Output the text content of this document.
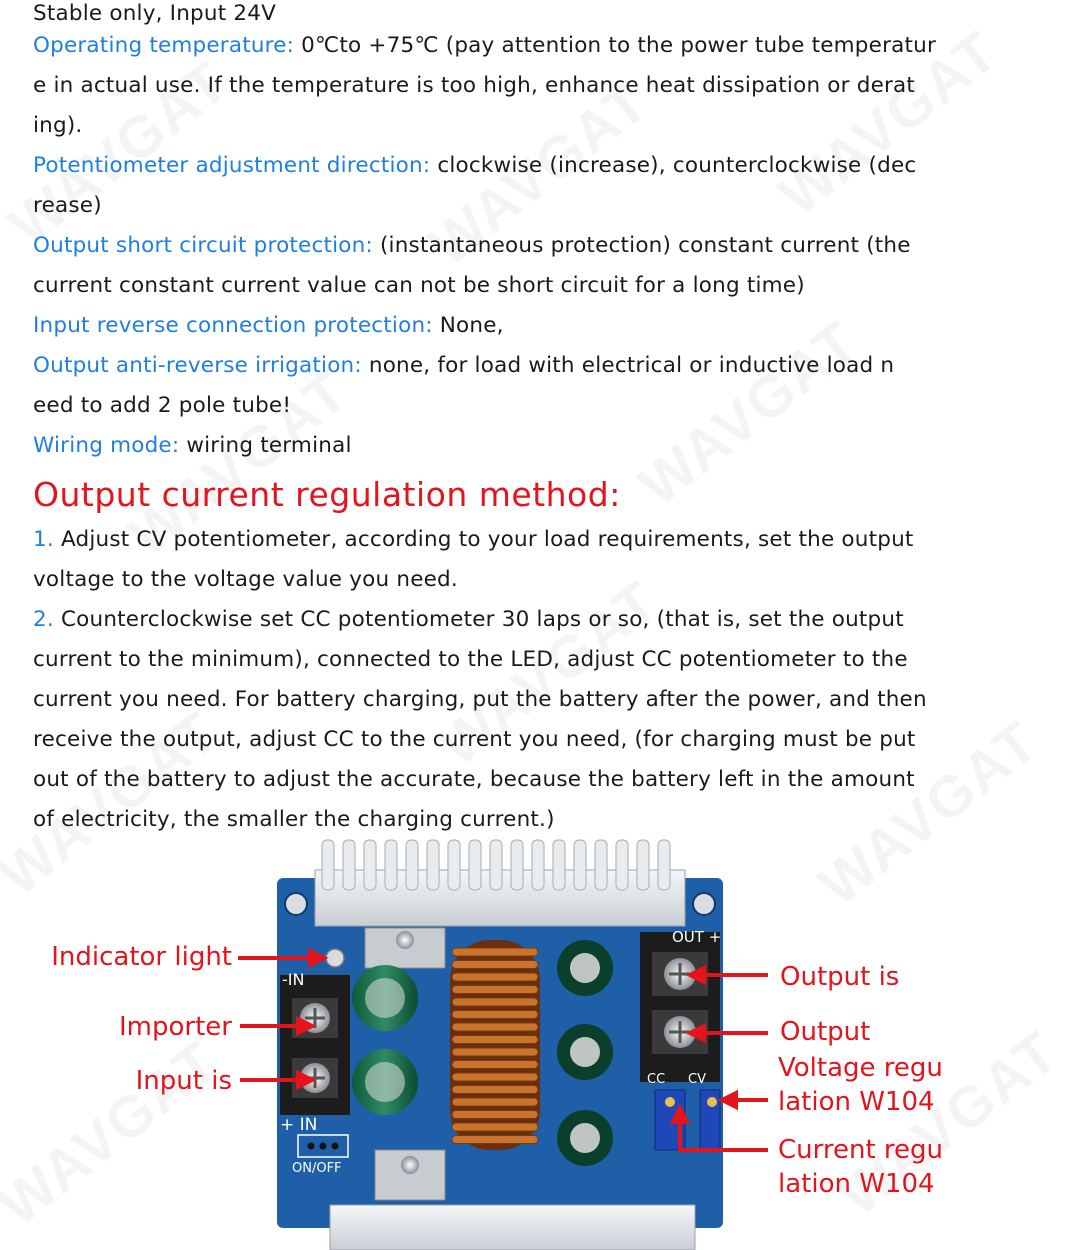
Stable only, Input 24V
Operating temperature: 0℃to +75℃ (pay attention to the power tube temperatur
e in actual use. If the temperature is too high, enhance heat dissipation or derat
ing).
Potentiometer adjustment direction: clockwise (increase), counterclockwise (dec
rease)
Output short circuit protection: (instantaneous protection) constant current (the
current constant current value can not be short circuit for a long time)
Input reverse connection protection: None,
Output anti-reverse irrigation: none, for load with electrical or inductive load n
eed to add 2 pole tube!
Wiring mode: wiring terminal
Output current regulation method:
1. Adjust CV potentiometer, according to your load requirements, set the output
voltage to the voltage value you need.
2. Counterclockwise set CC potentiometer 30 laps or so, (that is, set the output
current to the minimum), connected to the LED, adjust CC potentiometer to the
current you need. For battery charging, put the battery after the power, and then
receive the output, adjust CC to the current you need, (for charging must be put
out of the battery to adjust the accurate, because the battery left in the amount
of electricity, the smaller the charging current.)
-IN
+ IN
OUT +
CC CV
ON/OFF
Indicator light
Importer
Input is
Output is
Output
Voltage regu
lation W104
Current regu
lation W104
